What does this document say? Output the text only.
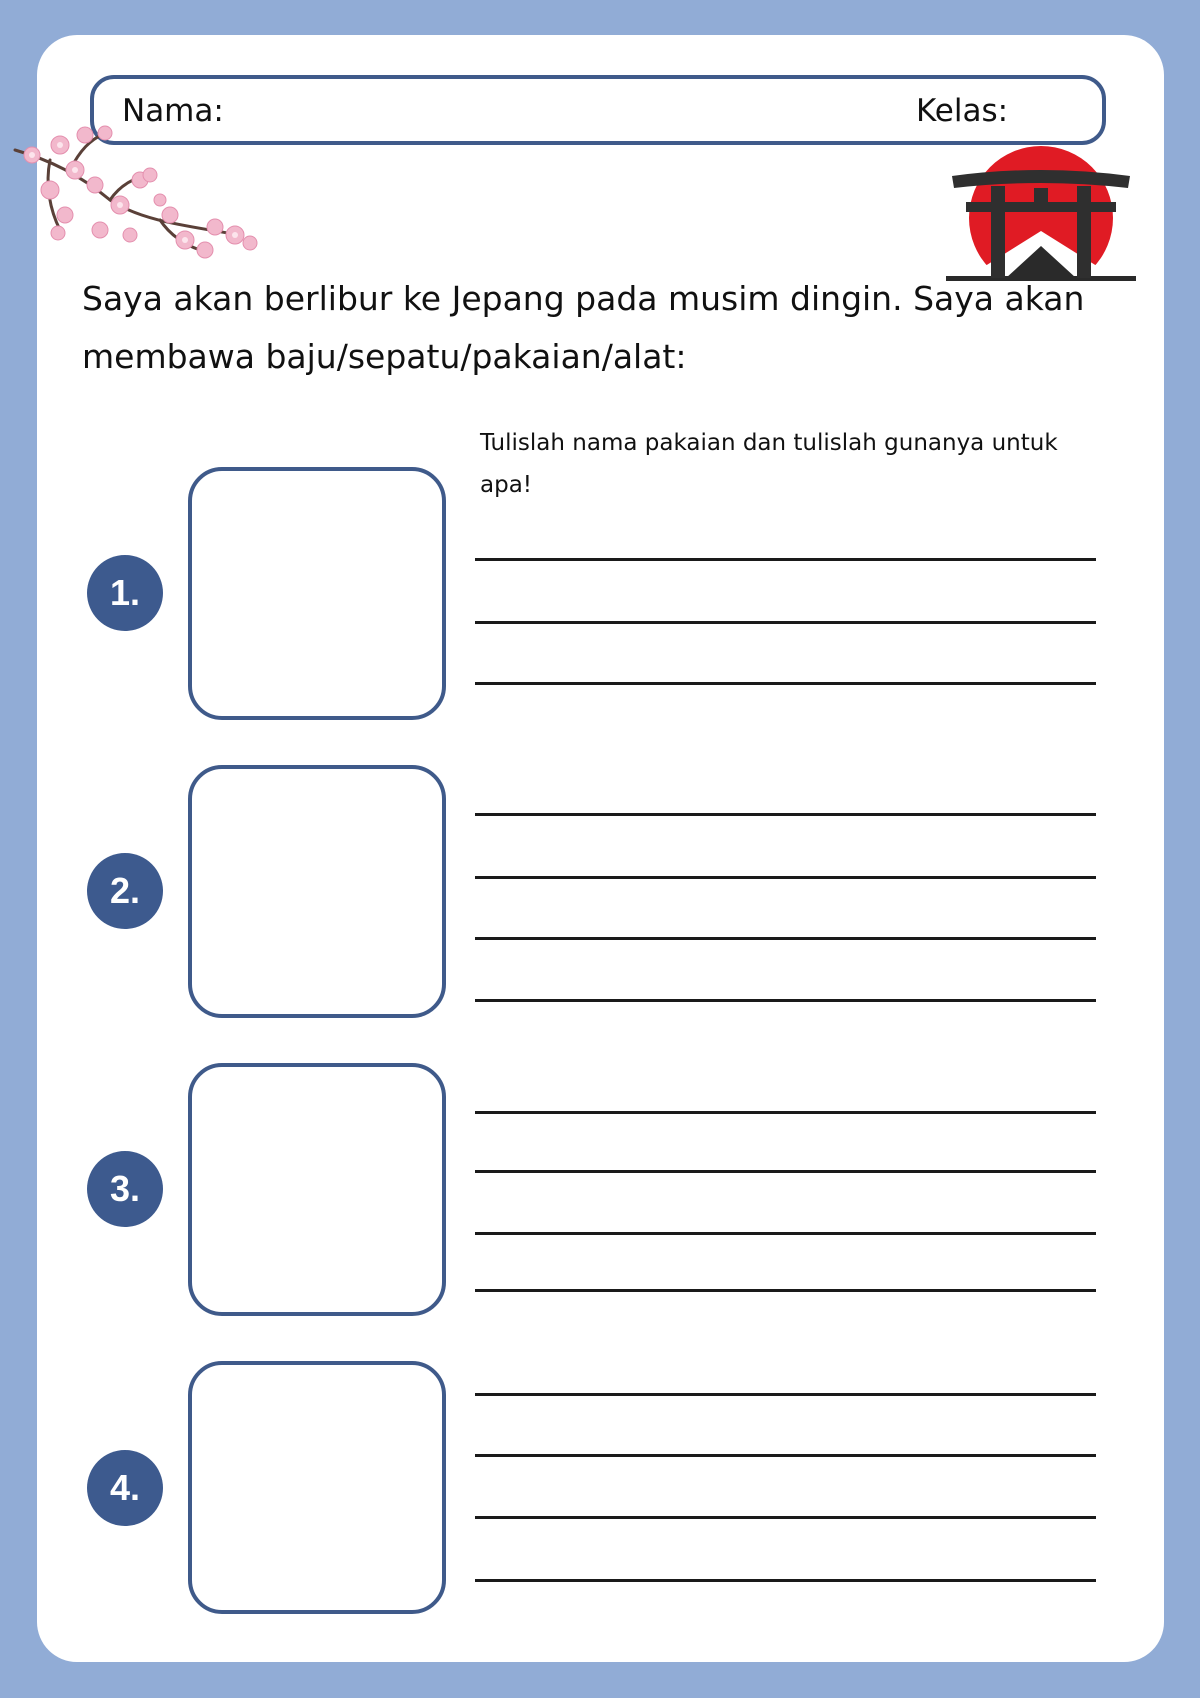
Nama:	Kelas:

Saya akan berlibur ke Jepang pada musim dingin. Saya akan membawa baju/sepatu/pakaian/alat:

Tulislah nama pakaian dan tulislah gunanya untuk apa!

1.
2.
3.
4.
